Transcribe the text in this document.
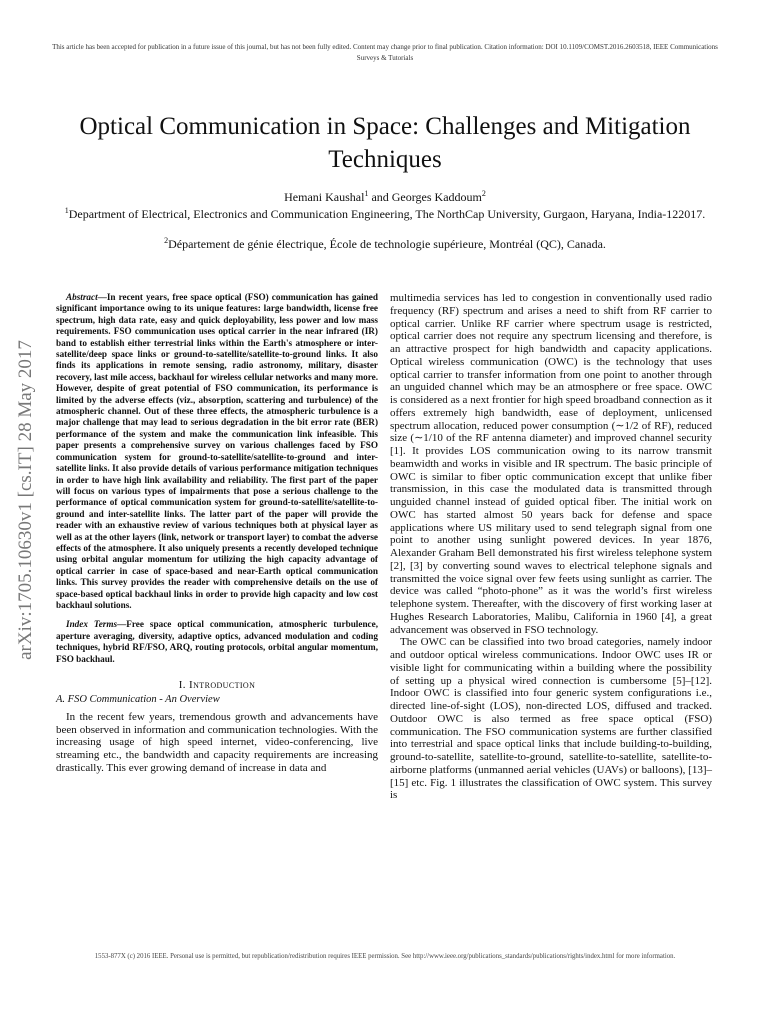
This article has been accepted for publication in a future issue of this journal, but has not been fully edited. Content may change prior to final publication. Citation information: DOI 10.1109/COMST.2016.2603518, IEEE Communications Surveys & Tutorials
Optical Communication in Space: Challenges and Mitigation Techniques
Hemani Kaushal$^1$ and Georges Kaddoum$^2$
$^1$Department of Electrical, Electronics and Communication Engineering, The NorthCap University, Gurgaon, Haryana, India-122017.
$^2$Département de génie électrique, École de technologie supérieure, Montréal (QC), Canada.
arXiv:1705.10630v1 [cs.IT] 28 May 2017

Abstract—In recent years, free space optical (FSO) communication has gained significant importance owing to its unique features: large bandwidth, license free spectrum, high data rate, easy and quick deployability, less power and low mass requirements. FSO communication uses optical carrier in the near infrared (IR) band to establish either terrestrial links within the Earth's atmosphere or inter-satellite/deep space links or ground-to-satellite/satellite-to-ground links. It also finds its applications in remote sensing, radio astronomy, military, disaster recovery, last mile access, backhaul for wireless cellular networks and many more. However, despite of great potential of FSO communication, its performance is limited by the adverse effects (viz., absorption, scattering and turbulence) of the atmospheric channel. Out of these three effects, the atmospheric turbulence is a major challenge that may lead to serious degradation in the bit error rate (BER) performance of the system and make the communication link infeasible. This paper presents a comprehensive survey on various challenges faced by FSO communication system for ground-to-satellite/satellite-to-ground and inter-satellite links. It also provide details of various performance mitigation techniques in order to have high link availability and reliability. The first part of the paper will focus on various types of impairments that pose a serious challenge to the performance of optical communication system for ground-to-satellite/satellite-to-ground and inter-satellite links. The latter part of the paper will provide the reader with an exhaustive review of various techniques both at physical layer as well as at the other layers (link, network or transport layer) to combat the adverse effects of the atmosphere. It also uniquely presents a recently developed technique using orbital angular momentum for utilizing the high capacity advantage of optical carrier in case of space-based and near-Earth optical communication links. This survey provides the reader with comprehensive details on the use of space-based optical backhaul links in order to provide high capacity and low cost backhaul solutions.

Index Terms—Free space optical communication, atmospheric turbulence, aperture averaging, diversity, adaptive optics, advanced modulation and coding techniques, hybrid RF/FSO, ARQ, routing protocols, orbital angular momentum, FSO backhaul.

I. Introduction
A. FSO Communication - An Overview

In the recent few years, tremendous growth and advancements have been observed in information and communication technologies. With the increasing usage of high speed internet, video-conferencing, live streaming etc., the bandwidth and capacity requirements are increasing drastically. This ever growing demand of increase in data and

multimedia services has led to congestion in conventionally used radio frequency (RF) spectrum and arises a need to shift from RF carrier to optical carrier. Unlike RF carrier where spectrum usage is restricted, optical carrier does not require any spectrum licensing and therefore, is an attractive prospect for high bandwidth and capacity applications. Optical wireless communication (OWC) is the technology that uses optical carrier to transfer information from one point to another through an unguided channel which may be an atmosphere or free space. OWC is considered as a next frontier for high speed broadband connection as it offers extremely high bandwidth, ease of deployment, unlicensed spectrum allocation, reduced power consumption (∼1/2 of RF), reduced size (∼1/10 of the RF antenna diameter) and improved channel security [1]. It provides LOS communication owing to its narrow transmit beamwidth and works in visible and IR spectrum. The basic principle of OWC is similar to fiber optic communication except that unlike fiber transmission, in this case the modulated data is transmitted through unguided channel instead of guided optical fiber. The initial work on OWC has started almost 50 years back for defense and space applications where US military used to send telegraph signal from one point to another using sunlight powered devices. In year 1876, Alexander Graham Bell demonstrated his first wireless telephone system [2], [3] by converting sound waves to electrical telephone signals and transmitted the voice signal over few feets using sunlight as carrier. The device was called “photo-phone” as it was the world’s first wireless telephone system. Thereafter, with the discovery of first working laser at Hughes Research Laboratories, Malibu, California in 1960 [4], a great advancement was observed in FSO technology.

The OWC can be classified into two broad categories, namely indoor and outdoor optical wireless communications. Indoor OWC uses IR or visible light for communicating within a building where the possibility of setting up a physical wired connection is cumbersome [5]–[12]. Indoor OWC is classified into four generic system configurations i.e., directed line-of-sight (LOS), non-directed LOS, diffused and tracked. Outdoor OWC is also termed as free space optical (FSO) communication. The FSO communication systems are further classified into terrestrial and space optical links that include building-to-building, ground-to-satellite, satellite-to-ground, satellite-to-satellite, satellite-to-airborne platforms (unmanned aerial vehicles (UAVs) or balloons), [13]–[15] etc. Fig. 1 illustrates the classification of OWC system. This survey is

1553-877X (c) 2016 IEEE. Personal use is permitted, but republication/redistribution requires IEEE permission. See http://www.ieee.org/publications_standards/publications/rights/index.html for more information.
